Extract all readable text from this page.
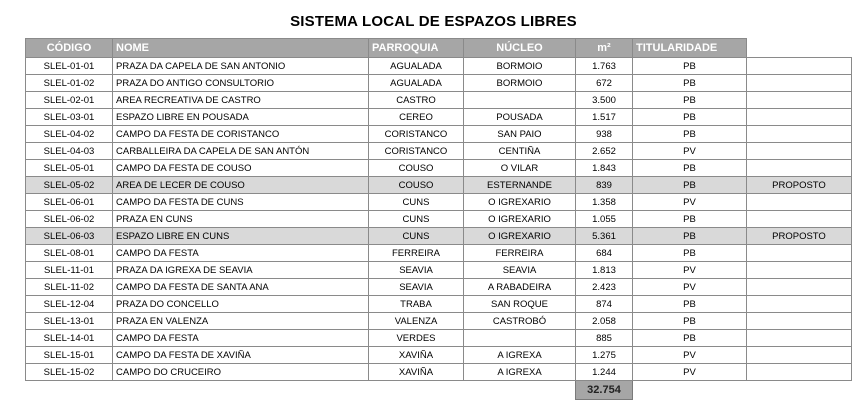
SISTEMA LOCAL DE ESPAZOS LIBRES
CÓDIGO	NOME	PARROQUIA	NÚCLEO	m²	TITULARIDADE	
SLEL-01-01	PRAZA DA CAPELA DE SAN ANTONIO	AGUALADA	BORMOIO	1.763	PB	
SLEL-01-02	PRAZA DO ANTIGO CONSULTORIO	AGUALADA	BORMOIO	672	PB	
SLEL-02-01	AREA RECREATIVA DE CASTRO	CASTRO		3.500	PB	
SLEL-03-01	ESPAZO LIBRE EN POUSADA	CEREO	POUSADA	1.517	PB	
SLEL-04-02	CAMPO DA FESTA DE CORISTANCO	CORISTANCO	SAN PAIO	938	PB	
SLEL-04-03	CARBALLEIRA DA CAPELA DE SAN ANTÓN	CORISTANCO	CENTIÑA	2.652	PV	
SLEL-05-01	CAMPO DA FESTA DE COUSO	COUSO	O VILAR	1.843	PB	
SLEL-05-02	AREA DE LECER DE COUSO	COUSO	ESTERNANDE	839	PB	PROPOSTO
SLEL-06-01	CAMPO DA FESTA DE CUNS	CUNS	O IGREXARIO	1.358	PV	
SLEL-06-02	PRAZA EN CUNS	CUNS	O IGREXARIO	1.055	PB	
SLEL-06-03	ESPAZO LIBRE EN CUNS	CUNS	O IGREXARIO	5.361	PB	PROPOSTO
SLEL-08-01	CAMPO DA FESTA	FERREIRA	FERREIRA	684	PB	
SLEL-11-01	PRAZA DA IGREXA DE SEAVIA	SEAVIA	SEAVIA	1.813	PV	
SLEL-11-02	CAMPO DA FESTA DE SANTA ANA	SEAVIA	A RABADEIRA	2.423	PV	
SLEL-12-04	PRAZA DO CONCELLO	TRABA	SAN ROQUE	874	PB	
SLEL-13-01	PRAZA EN VALENZA	VALENZA	CASTROBÓ	2.058	PB	
SLEL-14-01	CAMPO DA FESTA	VERDES		885	PB	
SLEL-15-01	CAMPO DA FESTA DE XAVIÑA	XAVIÑA	A IGREXA	1.275	PV	
SLEL-15-02	CAMPO DO CRUCEIRO	XAVIÑA	A IGREXA	1.244	PV	
				32.754		
